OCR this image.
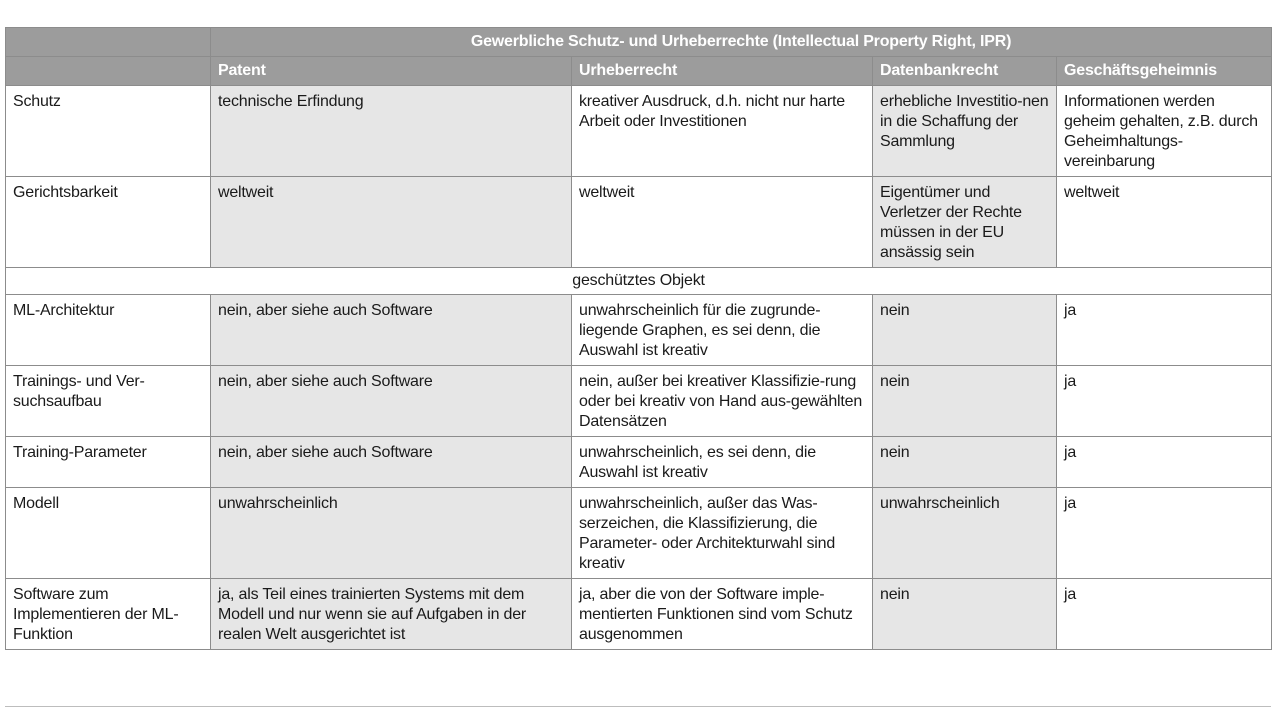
	Gewerbliche Schutz- und Urheberrechte (Intellectual Property Right, IPR)			
	Patent	Urheberrecht	Datenbankrecht	Geschäftsgeheimnis
Schutz	technische Erfindung	kreativer Ausdruck, d.h. nicht nur harte Arbeit oder Investitionen	erhebliche Investitio-nen in die Schaffung der Sammlung	Informationen werden geheim gehalten, z.B. durch Geheimhaltungs-vereinbarung
Gerichtsbarkeit	weltweit	weltweit	Eigentümer und Verletzer der Rechte müssen in der EU ansässig sein	weltweit
geschütztes Objekt				
ML-Architektur	nein, aber siehe auch Software	unwahrscheinlich für die zugrunde-liegende Graphen, es sei denn, die Auswahl ist kreativ	nein	ja
Trainings- und Ver-suchsaufbau	nein, aber siehe auch Software	nein, außer bei kreativer Klassifizie-rung oder bei kreativ von Hand aus-gewählten Datensätzen	nein	ja
Training-Parameter	nein, aber siehe auch Software	unwahrscheinlich, es sei denn, die Auswahl ist kreativ	nein	ja
Modell	unwahrscheinlich	unwahrscheinlich, außer das Was-serzeichen, die Klassifizierung, die Parameter- oder Architekturwahl sind kreativ	unwahrscheinlich	ja
Software zum Implementieren der ML-Funktion	ja, als Teil eines trainierten Systems mit dem Modell und nur wenn sie auf Aufgaben in der realen Welt ausgerichtet ist	ja, aber die von der Software imple-mentierten Funktionen sind vom Schutz ausgenommen	nein	ja
